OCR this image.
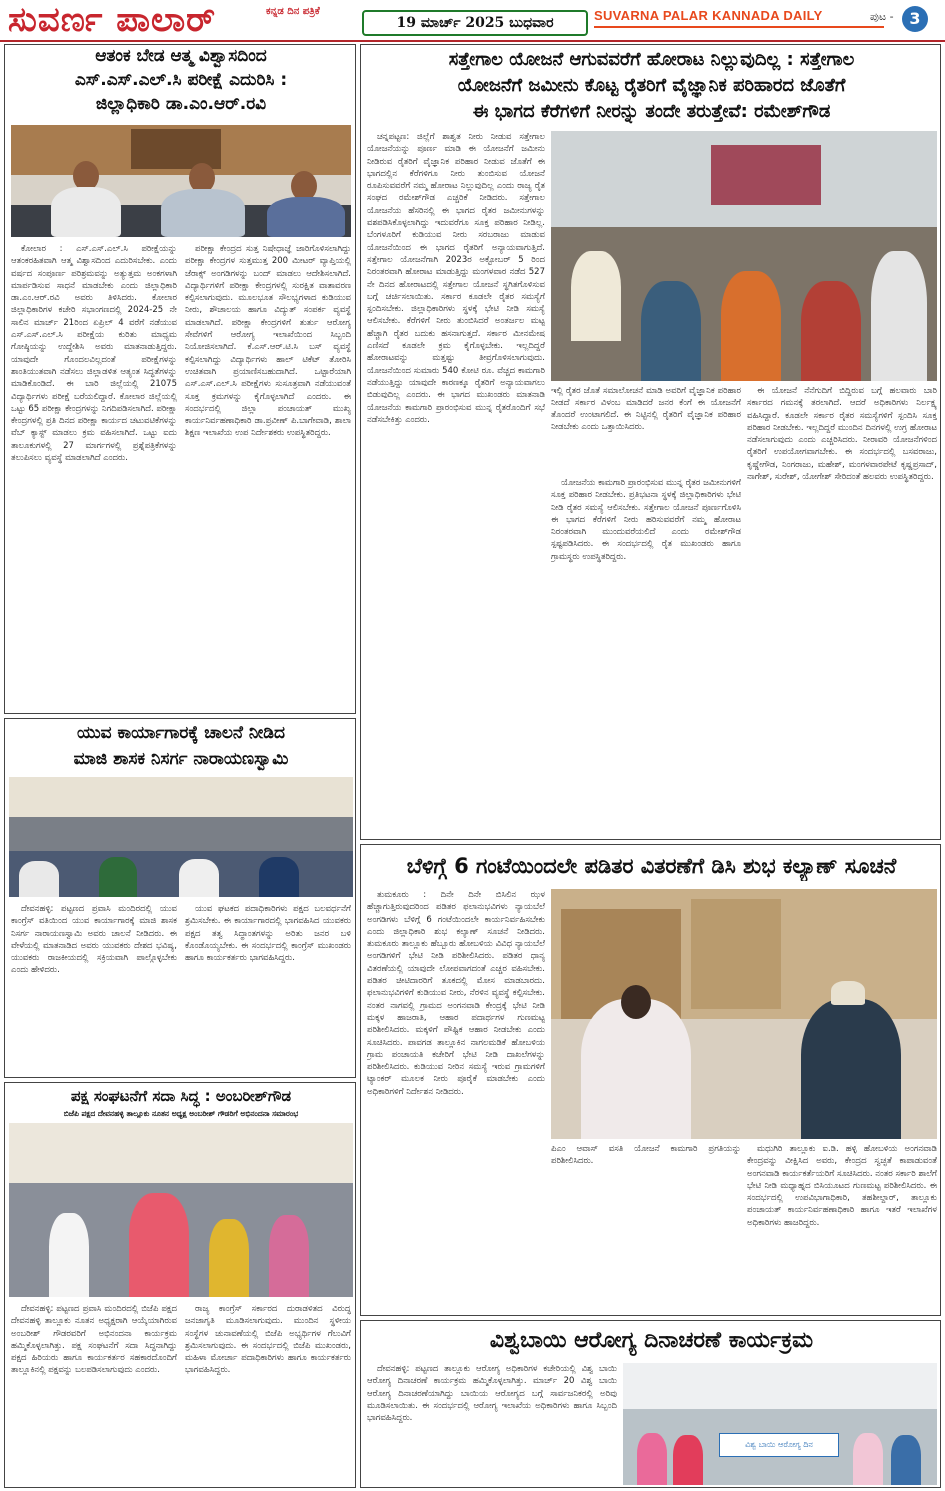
ಸುವರ್ಣ ಪಾಲಾರ್	ಕನ್ನಡ ದಿನ ಪತ್ರಿಕೆ
19 ಮಾರ್ಚ್ 2025 ಬುಧವಾರ	SUVARNA PALAR KANNADA DAILY	ಪುಟ - 3
ಆತಂಕ ಬೇಡ ಆತ್ಮ ವಿಶ್ವಾಸದಿಂದ
ಎಸ್.ಎಸ್.ಎಲ್.ಸಿ ಪರೀಕ್ಷೆ ಎದುರಿಸಿ :
ಜಿಲ್ಲಾಧಿಕಾರಿ ಡಾ.ಎಂ.ಆರ್.ರವಿ

ಕೋಲಾರ : ಎಸ್.ಎಸ್.ಎಲ್.ಸಿ ಪರೀಕ್ಷೆಯನ್ನು ಆತಂಕರಹಿತವಾಗಿ ಆತ್ಮ ವಿಶ್ವಾಸದಿಂದ ಎದುರಿಸಬೇಕು. ಎಂದು ವರ್ಷದ ಸಂಪೂರ್ಣ ಪರಿಶ್ರಮವನ್ನು ಅತ್ಯುತ್ತಮ ಅಂಕಗಳಾಗಿ ಮಾರ್ಪಡಿಸುವ ಸಾಧನೆ ಮಾಡಬೇಕು ಎಂದು ಜಿಲ್ಲಾಧಿಕಾರಿ ಡಾ.ಎಂ.ಆರ್.ರವಿ ಅವರು ತಿಳಿಸಿದರು. ಕೋಲಾರ ಜಿಲ್ಲಾಧಿಕಾರಿಗಳ ಕಚೇರಿ ಸಭಾಂಗಣದಲ್ಲಿ 2024-25 ನೇ ಸಾಲಿನ ಮಾರ್ಚ್ 21ರಿಂದ ಏಪ್ರಿಲ್ 4 ವರೆಗೆ ನಡೆಯುವ ಎಸ್.ಎಸ್.ಎಲ್.ಸಿ ಪರೀಕ್ಷೆಯ ಕುರಿತು ಮಾಧ್ಯಮ ಗೋಷ್ಠಿಯನ್ನು ಉದ್ದೇಶಿಸಿ ಅವರು ಮಾತನಾಡುತ್ತಿದ್ದರು. ಯಾವುದೇ ಗೊಂದಲವಿಲ್ಲದಂತೆ ಪರೀಕ್ಷೆಗಳನ್ನು ಶಾಂತಿಯುತವಾಗಿ ನಡೆಸಲು ಜಿಲ್ಲಾಡಳಿತ ಆತ್ಯಂತ ಸಿದ್ಧತೆಗಳನ್ನು ಮಾಡಿಕೊಂಡಿದೆ. ಈ ಬಾರಿ ಜಿಲ್ಲೆಯಲ್ಲಿ 21075 ವಿದ್ಯಾರ್ಥಿಗಳು ಪರೀಕ್ಷೆ ಬರೆಯಲಿದ್ದಾರೆ. ಕೋಲಾರ ಜಿಲ್ಲೆಯಲ್ಲಿ ಒಟ್ಟು 65 ಪರೀಕ್ಷಾ ಕೇಂದ್ರಗಳನ್ನು ನಿಗದಿಪಡಿಸಲಾಗಿದೆ. ಪರೀಕ್ಷಾ ಕೇಂದ್ರಗಳಲ್ಲಿ ಪ್ರತಿ ದಿನದ ಪರೀಕ್ಷಾ ಕಾರ್ಯದ ಚಟುವಟಿಕೆಗಳನ್ನು ವೆಬ್ ಕ್ಯಾಸ್ಟ್ ಮಾಡಲು ಕ್ರಮ ವಹಿಸಲಾಗಿದೆ. ಒಟ್ಟು ಐದು ತಾಲೂಕುಗಳಲ್ಲಿ 27 ಮಾರ್ಗಗಳಲ್ಲಿ ಪ್ರಶ್ನೆಪತ್ರಿಕೆಗಳನ್ನು ತಲುಪಿಸಲು ವ್ಯವಸ್ಥೆ ಮಾಡಲಾಗಿದೆ ಎಂದರು.

ಪರೀಕ್ಷಾ ಕೇಂದ್ರದ ಸುತ್ತ ನಿಷೇಧಾಜ್ಞೆ ಜಾರಿಗೊಳಿಸಲಾಗಿದ್ದು ಪರೀಕ್ಷಾ ಕೇಂದ್ರಗಳ ಸುತ್ತಮುತ್ತ 200 ಮೀಟರ್ ವ್ಯಾಪ್ತಿಯಲ್ಲಿ ಜೆರಾಕ್ಸ್ ಅಂಗಡಿಗಳನ್ನು ಬಂದ್ ಮಾಡಲು ಆದೇಶಿಸಲಾಗಿದೆ. ವಿದ್ಯಾರ್ಥಿಗಳಿಗೆ ಪರೀಕ್ಷಾ ಕೇಂದ್ರಗಳಲ್ಲಿ ಸುರಕ್ಷಿತ ವಾತಾವರಣ ಕಲ್ಪಿಸಲಾಗುವುದು. ಮೂಲಭೂತ ಸೌಲಭ್ಯಗಳಾದ ಕುಡಿಯುವ ನೀರು, ಶೌಚಾಲಯ ಹಾಗೂ ವಿದ್ಯುತ್ ಸಂಪರ್ಕ ವ್ಯವಸ್ಥೆ ಮಾಡಲಾಗಿದೆ. ಪರೀಕ್ಷಾ ಕೇಂದ್ರಗಳಿಗೆ ತುರ್ತು ಆರೋಗ್ಯ ಸೇವೆಗಳಿಗೆ ಆರೋಗ್ಯ ಇಲಾಖೆಯಿಂದ ಸಿಬ್ಬಂದಿ ನಿಯೋಜಿಸಲಾಗಿದೆ. ಕೆ.ಎಸ್.ಆರ್.ಟಿ.ಸಿ ಬಸ್ ವ್ಯವಸ್ಥೆ ಕಲ್ಪಿಸಲಾಗಿದ್ದು ವಿದ್ಯಾರ್ಥಿಗಳು ಹಾಲ್ ಟಿಕೆಟ್ ತೋರಿಸಿ ಉಚಿತವಾಗಿ ಪ್ರಯಾಣಿಸಬಹುದಾಗಿದೆ. ಒಟ್ಟಾರೆಯಾಗಿ ಎಸ್.ಎಸ್.ಎಲ್.ಸಿ ಪರೀಕ್ಷೆಗಳು ಸುಸೂತ್ರವಾಗಿ ನಡೆಯುವಂತೆ ಸೂಕ್ತ ಕ್ರಮಗಳನ್ನು ಕೈಗೊಳ್ಳಲಾಗಿದೆ ಎಂದರು. ಈ ಸಂದರ್ಭದಲ್ಲಿ ಜಿಲ್ಲಾ ಪಂಚಾಯತ್ ಮುಖ್ಯ ಕಾರ್ಯನಿರ್ವಹಣಾಧಿಕಾರಿ ಡಾ.ಪ್ರವೀಣ್ ಪಿ.ಬಾಗೇವಾಡಿ, ಶಾಲಾ ಶಿಕ್ಷಣ ಇಲಾಖೆಯ ಉಪ ನಿರ್ದೇಶಕರು ಉಪಸ್ಥಿತರಿದ್ದರು.

ಯುವ ಕಾರ್ಯಾಗಾರಕ್ಕೆ ಚಾಲನೆ ನೀಡಿದ
ಮಾಜಿ ಶಾಸಕ ನಿಸರ್ಗ ನಾರಾಯಣಸ್ವಾಮಿ

ದೇವನಹಳ್ಳಿ: ಪಟ್ಟಣದ ಪ್ರವಾಸಿ ಮಂದಿರದಲ್ಲಿ ಯುವ ಕಾಂಗ್ರೆಸ್ ವತಿಯಿಂದ ಯುವ ಕಾರ್ಯಾಗಾರಕ್ಕೆ ಮಾಜಿ ಶಾಸಕ ನಿಸರ್ಗ ನಾರಾಯಣಸ್ವಾಮಿ ಅವರು ಚಾಲನೆ ನೀಡಿದರು. ಈ ವೇಳೆಯಲ್ಲಿ ಮಾತನಾಡಿದ ಅವರು ಯುವಕರು ದೇಶದ ಭವಿಷ್ಯ, ಯುವಕರು ರಾಜಕೀಯದಲ್ಲಿ ಸಕ್ರಿಯವಾಗಿ ಪಾಲ್ಗೊಳ್ಳಬೇಕು ಎಂದು ಹೇಳಿದರು.

ಯುವ ಘಟಕದ ಪದಾಧಿಕಾರಿಗಳು ಪಕ್ಷದ ಬಲವರ್ಧನೆಗೆ ಶ್ರಮಿಸಬೇಕು. ಈ ಕಾರ್ಯಾಗಾರದಲ್ಲಿ ಭಾಗವಹಿಸಿದ ಯುವಕರು ಪಕ್ಷದ ತತ್ವ ಸಿದ್ಧಾಂತಗಳನ್ನು ಅರಿತು ಜನರ ಬಳಿ ಕೊಂಡೊಯ್ಯಬೇಕು. ಈ ಸಂದರ್ಭದಲ್ಲಿ ಕಾಂಗ್ರೆಸ್ ಮುಖಂಡರು ಹಾಗೂ ಕಾರ್ಯಕರ್ತರು ಭಾಗವಹಿಸಿದ್ದರು.

ಪಕ್ಷ ಸಂಘಟನೆಗೆ ಸದಾ ಸಿದ್ಧ : ಅಂಬರೀಶ್‌ಗೌಡ
ಬಿಜೆಪಿ ಪಕ್ಷದ ದೇವನಹಳ್ಳಿ ತಾಲ್ಲೂಕು ನೂತನ ಅಧ್ಯಕ್ಷ ಅಂಬರೀಶ್ ಗೌಡರಿಗೆ ಅಭಿನಂದನಾ ಸಮಾರಂಭ

ದೇವನಹಳ್ಳಿ: ಪಟ್ಟಣದ ಪ್ರವಾಸಿ ಮಂದಿರದಲ್ಲಿ ಬಿಜೆಪಿ ಪಕ್ಷದ ದೇವನಹಳ್ಳಿ ತಾಲ್ಲೂಕು ನೂತನ ಅಧ್ಯಕ್ಷರಾಗಿ ಆಯ್ಕೆಯಾಗಿರುವ ಅಂಬರೀಶ್ ಗೌಡರವರಿಗೆ ಅಭಿನಂದನಾ ಕಾರ್ಯಕ್ರಮ ಹಮ್ಮಿಕೊಳ್ಳಲಾಗಿತ್ತು. ಪಕ್ಷ ಸಂಘಟನೆಗೆ ಸದಾ ಸಿದ್ಧನಾಗಿದ್ದು ಪಕ್ಷದ ಹಿರಿಯರು ಹಾಗೂ ಕಾರ್ಯಕರ್ತರ ಸಹಕಾರದೊಂದಿಗೆ ತಾಲ್ಲೂಕಿನಲ್ಲಿ ಪಕ್ಷವನ್ನು ಬಲಪಡಿಸಲಾಗುವುದು ಎಂದರು.

ರಾಜ್ಯ ಕಾಂಗ್ರೆಸ್ ಸರ್ಕಾರದ ದುರಾಡಳಿತದ ವಿರುದ್ಧ ಜನಜಾಗೃತಿ ಮೂಡಿಸಲಾಗುವುದು. ಮುಂದಿನ ಸ್ಥಳೀಯ ಸಂಸ್ಥೆಗಳ ಚುನಾವಣೆಯಲ್ಲಿ ಬಿಜೆಪಿ ಅಭ್ಯರ್ಥಿಗಳ ಗೆಲುವಿಗೆ ಶ್ರಮಿಸಲಾಗುವುದು. ಈ ಸಂದರ್ಭದಲ್ಲಿ ಬಿಜೆಪಿ ಮುಖಂಡರು, ಮಹಿಳಾ ಮೋರ್ಚಾ ಪದಾಧಿಕಾರಿಗಳು ಹಾಗೂ ಕಾರ್ಯಕರ್ತರು ಭಾಗವಹಿಸಿದ್ದರು.

ಸತ್ತೇಗಾಲ ಯೋಜನೆ ಆಗುವವರೆಗೆ ಹೋರಾಟ ನಿಲ್ಲುವುದಿಲ್ಲ : ಸತ್ತೇಗಾಲ
ಯೋಜನೆಗೆ ಜಮೀನು ಕೊಟ್ಟ ರೈತರಿಗೆ ವೈಜ್ಞಾನಿಕ ಪರಿಹಾರದ ಜೊತೆಗೆ
ಈ ಭಾಗದ ಕೆರೆಗಳಿಗೆ ನೀರನ್ನು ತಂದೇ ತರುತ್ತೇವೆ: ರಮೇಶ್‌ಗೌಡ

ಚನ್ನಪಟ್ಟಣ: ಜಿಲ್ಲೆಗೆ ಶಾಶ್ವತ ನೀರು ನೀಡುವ ಸತ್ತೇಗಾಲ ಯೋಜನೆಯನ್ನು ಪೂರ್ಣ ಮಾಡಿ ಈ ಯೋಜನೆಗೆ ಜಮೀನು ನೀಡಿರುವ ರೈತರಿಗೆ ವೈಜ್ಞಾನಿಕ ಪರಿಹಾರ ನೀಡುವ ಜೊತೆಗೆ ಈ ಭಾಗದಲ್ಲಿನ ಕೆರೆಗಳಿಗೂ ನೀರು ತುಂಬಿಸುವ ಯೋಜನೆ ರೂಪಿಸುವವರೆಗೆ ನಮ್ಮ ಹೋರಾಟ ನಿಲ್ಲುವುದಿಲ್ಲ ಎಂದು ರಾಜ್ಯ ರೈತ ಸಂಘದ ರಮೇಶ್‌ಗೌಡ ಎಚ್ಚರಿಕೆ ನೀಡಿದರು. ಸತ್ತೇಗಾಲ ಯೋಜನೆಯ ಹೆಸರಿನಲ್ಲಿ ಈ ಭಾಗದ ರೈತರ ಜಮೀನುಗಳನ್ನು ವಶಪಡಿಸಿಕೊಳ್ಳಲಾಗಿದ್ದು ಇದುವರೆಗೂ ಸೂಕ್ತ ಪರಿಹಾರ ನೀಡಿಲ್ಲ. ಬೆಂಗಳೂರಿಗೆ ಕುಡಿಯುವ ನೀರು ಸರಬರಾಜು ಮಾಡುವ ಯೋಜನೆಯಿಂದ ಈ ಭಾಗದ ರೈತರಿಗೆ ಅನ್ಯಾಯವಾಗುತ್ತಿದೆ. ಸತ್ತೇಗಾಲ ಯೋಜನೆಗಾಗಿ 2023ರ ಅಕ್ಟೋಬರ್ 5 ರಿಂದ ನಿರಂತರವಾಗಿ ಹೋರಾಟ ಮಾಡುತ್ತಿದ್ದು ಮಂಗಳವಾರ ನಡೆದ 527 ನೇ ದಿನದ ಹೋರಾಟದಲ್ಲಿ ಸತ್ತೇಗಾಲ ಯೋಜನೆ ಸ್ಥಗಿತಗೊಳಿಸುವ ಬಗ್ಗೆ ಚರ್ಚಿಸಲಾಯಿತು. ಸರ್ಕಾರ ಕೂಡಲೇ ರೈತರ ಸಮಸ್ಯೆಗೆ ಸ್ಪಂದಿಸಬೇಕು. ಜಿಲ್ಲಾಧಿಕಾರಿಗಳು ಸ್ಥಳಕ್ಕೆ ಭೇಟಿ ನೀಡಿ ಸಮಸ್ಯೆ ಆಲಿಸಬೇಕು. ಕೆರೆಗಳಿಗೆ ನೀರು ತುಂಬಿಸಿದರೆ ಅಂತರ್ಜಲ ಮಟ್ಟ ಹೆಚ್ಚಾಗಿ ರೈತರ ಬದುಕು ಹಸನಾಗುತ್ತದೆ. ಸರ್ಕಾರ ಮೀನಮೇಷ ಎಣಿಸದೆ ಕೂಡಲೇ ಕ್ರಮ ಕೈಗೊಳ್ಳಬೇಕು. ಇಲ್ಲದಿದ್ದರೆ ಹೋರಾಟವನ್ನು ಮತ್ತಷ್ಟು ತೀವ್ರಗೊಳಿಸಲಾಗುವುದು. ಯೋಜನೆಯಿಂದ ಸುಮಾರು 540 ಕೋಟಿ ರೂ. ವೆಚ್ಚದ ಕಾಮಗಾರಿ ನಡೆಯುತ್ತಿದ್ದು ಯಾವುದೇ ಕಾರಣಕ್ಕೂ ರೈತರಿಗೆ ಅನ್ಯಾಯವಾಗಲು ಬಿಡುವುದಿಲ್ಲ ಎಂದರು. ಈ ಭಾಗದ ಮುಖಂಡರು ಮಾತನಾಡಿ ಯೋಜನೆಯ ಕಾಮಗಾರಿ ಪ್ರಾರಂಭಿಸುವ ಮುನ್ನ ರೈತರೊಂದಿಗೆ ಸಭೆ ನಡೆಸಬೇಕಿತ್ತು ಎಂದರು.

ಇಲ್ಲಿ ರೈತರ ಜೊತೆ ಸಮಾಲೋಚನೆ ಮಾಡಿ ಅವರಿಗೆ ವೈಜ್ಞಾನಿಕ ಪರಿಹಾರ ನೀಡದೆ ಸರ್ಕಾರ ವಿಳಂಬ ಮಾಡಿದರೆ ಜನರ ಕೆಂಗೆ ಈ ಯೋಜನೆಗೆ ತೊಂದರೆ ಉಂಟಾಗಲಿದೆ. ಈ ನಿಟ್ಟಿನಲ್ಲಿ ರೈತರಿಗೆ ವೈಜ್ಞಾನಿಕ ಪರಿಹಾರ ನೀಡಬೇಕು ಎಂದು ಒತ್ತಾಯಿಸಿದರು.

ಯೋಜನೆಯ ಕಾಮಗಾರಿ ಪ್ರಾರಂಭಿಸುವ ಮುನ್ನ ರೈತರ ಜಮೀನುಗಳಿಗೆ ಸೂಕ್ತ ಪರಿಹಾರ ನೀಡಬೇಕು. ಪ್ರತಿಭಟನಾ ಸ್ಥಳಕ್ಕೆ ಜಿಲ್ಲಾಧಿಕಾರಿಗಳು ಭೇಟಿ ನೀಡಿ ರೈತರ ಸಮಸ್ಯೆ ಆಲಿಸಬೇಕು. ಸತ್ತೇಗಾಲ ಯೋಜನೆ ಪೂರ್ಣಗೊಳಿಸಿ ಈ ಭಾಗದ ಕೆರೆಗಳಿಗೆ ನೀರು ಹರಿಸುವವರೆಗೆ ನಮ್ಮ ಹೋರಾಟ ನಿರಂತರವಾಗಿ ಮುಂದುವರೆಯಲಿದೆ ಎಂದು ರಮೇಶ್‌ಗೌಡ ಸ್ಪಷ್ಟಪಡಿಸಿದರು. ಈ ಸಂದರ್ಭದಲ್ಲಿ ರೈತ ಮುಖಂಡರು ಹಾಗೂ ಗ್ರಾಮಸ್ಥರು ಉಪಸ್ಥಿತರಿದ್ದರು.

ಈ ಯೋಜನೆ ನೆನೆಗುದಿಗೆ ಬಿದ್ದಿರುವ ಬಗ್ಗೆ ಹಲವಾರು ಬಾರಿ ಸರ್ಕಾರದ ಗಮನಕ್ಕೆ ತರಲಾಗಿದೆ. ಆದರೆ ಅಧಿಕಾರಿಗಳು ನಿರ್ಲಕ್ಷ್ಯ ವಹಿಸಿದ್ದಾರೆ. ಕೂಡಲೇ ಸರ್ಕಾರ ರೈತರ ಸಮಸ್ಯೆಗಳಿಗೆ ಸ್ಪಂದಿಸಿ ಸೂಕ್ತ ಪರಿಹಾರ ನೀಡಬೇಕು. ಇಲ್ಲದಿದ್ದರೆ ಮುಂದಿನ ದಿನಗಳಲ್ಲಿ ಉಗ್ರ ಹೋರಾಟ ನಡೆಸಲಾಗುವುದು ಎಂದು ಎಚ್ಚರಿಸಿದರು. ನೀರಾವರಿ ಯೋಜನೆಗಳಿಂದ ರೈತರಿಗೆ ಉಪಯೋಗವಾಗಬೇಕು. ಈ ಸಂದರ್ಭದಲ್ಲಿ ಬಸವರಾಜು, ಕೃಷ್ಣೇಗೌಡ, ನಿಂಗರಾಜು, ಮಹೇಶ್, ಮಂಗಳವಾರಪೇಟೆ ಕೃಷ್ಣಪ್ರಸಾದ್, ನಾಗೇಶ್, ಸುರೇಶ್, ಯೋಗೇಶ್ ಸೇರಿದಂತೆ ಹಲವರು ಉಪಸ್ಥಿತರಿದ್ದರು.

ಬೆಳಿಗ್ಗೆ 6 ಗಂಟೆಯಿಂದಲೇ ಪಡಿತರ ವಿತರಣೆಗೆ ಡಿಸಿ ಶುಭ ಕಲ್ಯಾಣ್ ಸೂಚನೆ

ತುಮಕೂರು : ದಿನೇ ದಿನೇ ಬಿಸಿಲಿನ ಝಳ ಹೆಚ್ಚಾಗುತ್ತಿರುವುದರಿಂದ ಪಡಿತರ ಫಲಾನುಭವಿಗಳು ನ್ಯಾಯಬೆಲೆ ಅಂಗಡಿಗಳು ಬೆಳಿಗ್ಗೆ 6 ಗಂಟೆಯಿಂದಲೇ ಕಾರ್ಯನಿರ್ವಹಿಸಬೇಕು ಎಂದು ಜಿಲ್ಲಾಧಿಕಾರಿ ಶುಭ ಕಲ್ಯಾಣ್ ಸೂಚನೆ ನೀಡಿದರು. ತುಮಕೂರು ತಾಲ್ಲೂಕು ಹೆಬ್ಬೂರು ಹೋಬಳಿಯ ವಿವಿಧ ನ್ಯಾಯಬೆಲೆ ಅಂಗಡಿಗಳಿಗೆ ಭೇಟಿ ನೀಡಿ ಪರಿಶೀಲಿಸಿದರು. ಪಡಿತರ ಧಾನ್ಯ ವಿತರಣೆಯಲ್ಲಿ ಯಾವುದೇ ಲೋಪವಾಗದಂತೆ ಎಚ್ಚರ ವಹಿಸಬೇಕು. ಪಡಿತರ ಚೀಟಿದಾರರಿಗೆ ತೂಕದಲ್ಲಿ ಮೋಸ ಮಾಡಬಾರದು. ಫಲಾನುಭವಿಗಳಿಗೆ ಕುಡಿಯುವ ನೀರು, ನೆರಳಿನ ವ್ಯವಸ್ಥೆ ಕಲ್ಪಿಸಬೇಕು. ನಂತರ ನಾಗವಲ್ಲಿ ಗ್ರಾಮದ ಅಂಗನವಾಡಿ ಕೇಂದ್ರಕ್ಕೆ ಭೇಟಿ ನೀಡಿ ಮಕ್ಕಳ ಹಾಜರಾತಿ, ಆಹಾರ ಪದಾರ್ಥಗಳ ಗುಣಮಟ್ಟ ಪರಿಶೀಲಿಸಿದರು. ಮಕ್ಕಳಿಗೆ ಪೌಷ್ಟಿಕ ಆಹಾರ ನೀಡಬೇಕು ಎಂದು ಸೂಚಿಸಿದರು. ಪಾವಗಡ ತಾಲ್ಲೂಕಿನ ನಾಗಲಮಡಿಕೆ ಹೋಬಳಿಯ ಗ್ರಾಮ ಪಂಚಾಯತಿ ಕಚೇರಿಗೆ ಭೇಟಿ ನೀಡಿ ದಾಖಲೆಗಳನ್ನು ಪರಿಶೀಲಿಸಿದರು. ಕುಡಿಯುವ ನೀರಿನ ಸಮಸ್ಯೆ ಇರುವ ಗ್ರಾಮಗಳಿಗೆ ಟ್ಯಾಂಕರ್ ಮೂಲಕ ನೀರು ಪೂರೈಕೆ ಮಾಡಬೇಕು ಎಂದು ಅಧಿಕಾರಿಗಳಿಗೆ ನಿರ್ದೇಶನ ನೀಡಿದರು.

ಪಿಎಂ ಆವಾಸ್ ವಸತಿ ಯೋಜನೆ ಕಾಮಗಾರಿ ಪ್ರಗತಿಯನ್ನು ಪರಿಶೀಲಿಸಿದರು.

ಮಧುಗಿರಿ ತಾಲ್ಲೂಕು ಐ.ಡಿ. ಹಳ್ಳಿ ಹೋಬಳಿಯ ಅಂಗನವಾಡಿ ಕೇಂದ್ರವನ್ನು ವೀಕ್ಷಿಸಿದ ಅವರು, ಕೇಂದ್ರದ ಸ್ವಚ್ಛತೆ ಕಾಪಾಡುವಂತೆ ಅಂಗನವಾಡಿ ಕಾರ್ಯಕರ್ತೆಯರಿಗೆ ಸೂಚಿಸಿದರು. ನಂತರ ಸರ್ಕಾರಿ ಶಾಲೆಗೆ ಭೇಟಿ ನೀಡಿ ಮಧ್ಯಾಹ್ನದ ಬಿಸಿಯೂಟದ ಗುಣಮಟ್ಟ ಪರಿಶೀಲಿಸಿದರು. ಈ ಸಂದರ್ಭದಲ್ಲಿ ಉಪವಿಭಾಗಾಧಿಕಾರಿ, ತಹಶೀಲ್ದಾರ್, ತಾಲ್ಲೂಕು ಪಂಚಾಯತ್ ಕಾರ್ಯನಿರ್ವಹಣಾಧಿಕಾರಿ ಹಾಗೂ ಇತರೆ ಇಲಾಖೆಗಳ ಅಧಿಕಾರಿಗಳು ಹಾಜರಿದ್ದರು.

ವಿಶ್ವಬಾಯಿ ಆರೋಗ್ಯ ದಿನಾಚರಣೆ ಕಾರ್ಯಕ್ರಮ

ದೇವನಹಳ್ಳಿ: ಪಟ್ಟಣದ ತಾಲ್ಲೂಕು ಆರೋಗ್ಯ ಅಧಿಕಾರಿಗಳ ಕಚೇರಿಯಲ್ಲಿ ವಿಶ್ವ ಬಾಯಿ ಆರೋಗ್ಯ ದಿನಾಚರಣೆ ಕಾರ್ಯಕ್ರಮ ಹಮ್ಮಿಕೊಳ್ಳಲಾಗಿತ್ತು. ಮಾರ್ಚ್ 20 ವಿಶ್ವ ಬಾಯಿ ಆರೋಗ್ಯ ದಿನಾಚರಣೆಯಾಗಿದ್ದು ಬಾಯಿಯ ಆರೋಗ್ಯದ ಬಗ್ಗೆ ಸಾರ್ವಜನಿಕರಲ್ಲಿ ಅರಿವು ಮೂಡಿಸಲಾಯಿತು. ಈ ಸಂದರ್ಭದಲ್ಲಿ ಆರೋಗ್ಯ ಇಲಾಖೆಯ ಅಧಿಕಾರಿಗಳು ಹಾಗೂ ಸಿಬ್ಬಂದಿ ಭಾಗವಹಿಸಿದ್ದರು.

ವಿಶ್ವ ಬಾಯಿ ಆರೋಗ್ಯ ದಿನ
